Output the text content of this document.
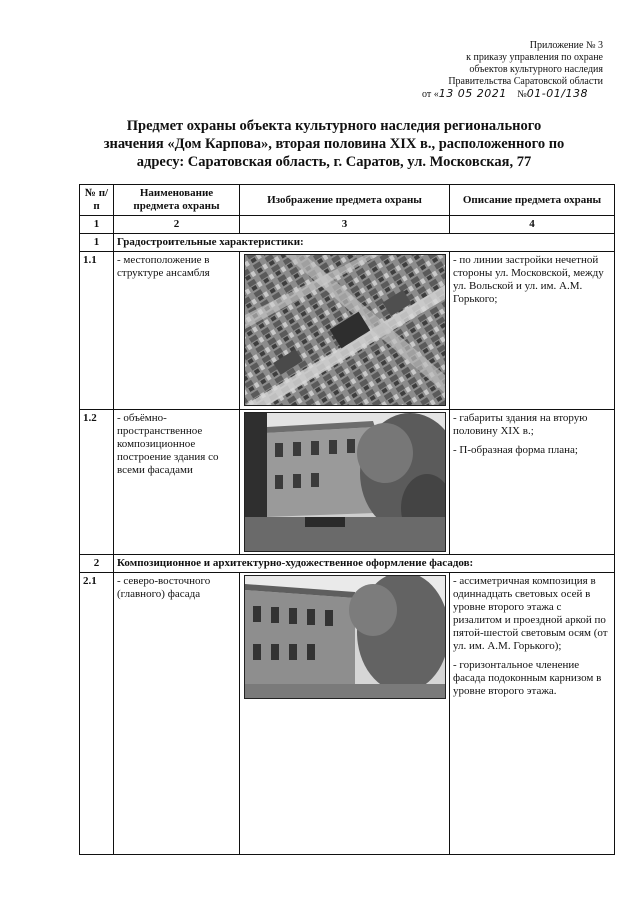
Приложение № 3
к приказу управления по охране
объектов культурного наследия
Правительства Саратовской области
от «13 05 2021 №01-01/138
Предмет охраны объекта культурного наследия регионального
значения «Дом Карпова», вторая половина XIX в., расположенного по
адресу: Саратовская область, г. Саратов, ул. Московская, 77
№ п/п	Наименование предмета охраны	Изображение предмета охраны	Описание предмета охраны
1	2	3	4
1	Градостроительные характеристики:		
1.1	- местоположение в структуре ансамбля		- по линии застройки нечетной стороны ул. Московской, между ул. Вольской и ул. им. А.М. Горького;

1.2	- объёмно-пространственное композиционное построение здания со всеми фасадами		- габариты здания на вторую половину XIX в.;

- П-образная форма плана;

2	Композиционное и архитектурно-художественное оформление фасадов:		
2.1	- северо-восточного (главного) фасада		- ассиметричная композиция в одиннадцать световых осей в уровне второго этажа с ризалитом и проездной аркой по пятой-шестой световым осям (от ул. им. А.М. Горького);

- горизонтальное членение фасада подоконным карнизом в уровне второго этажа.
